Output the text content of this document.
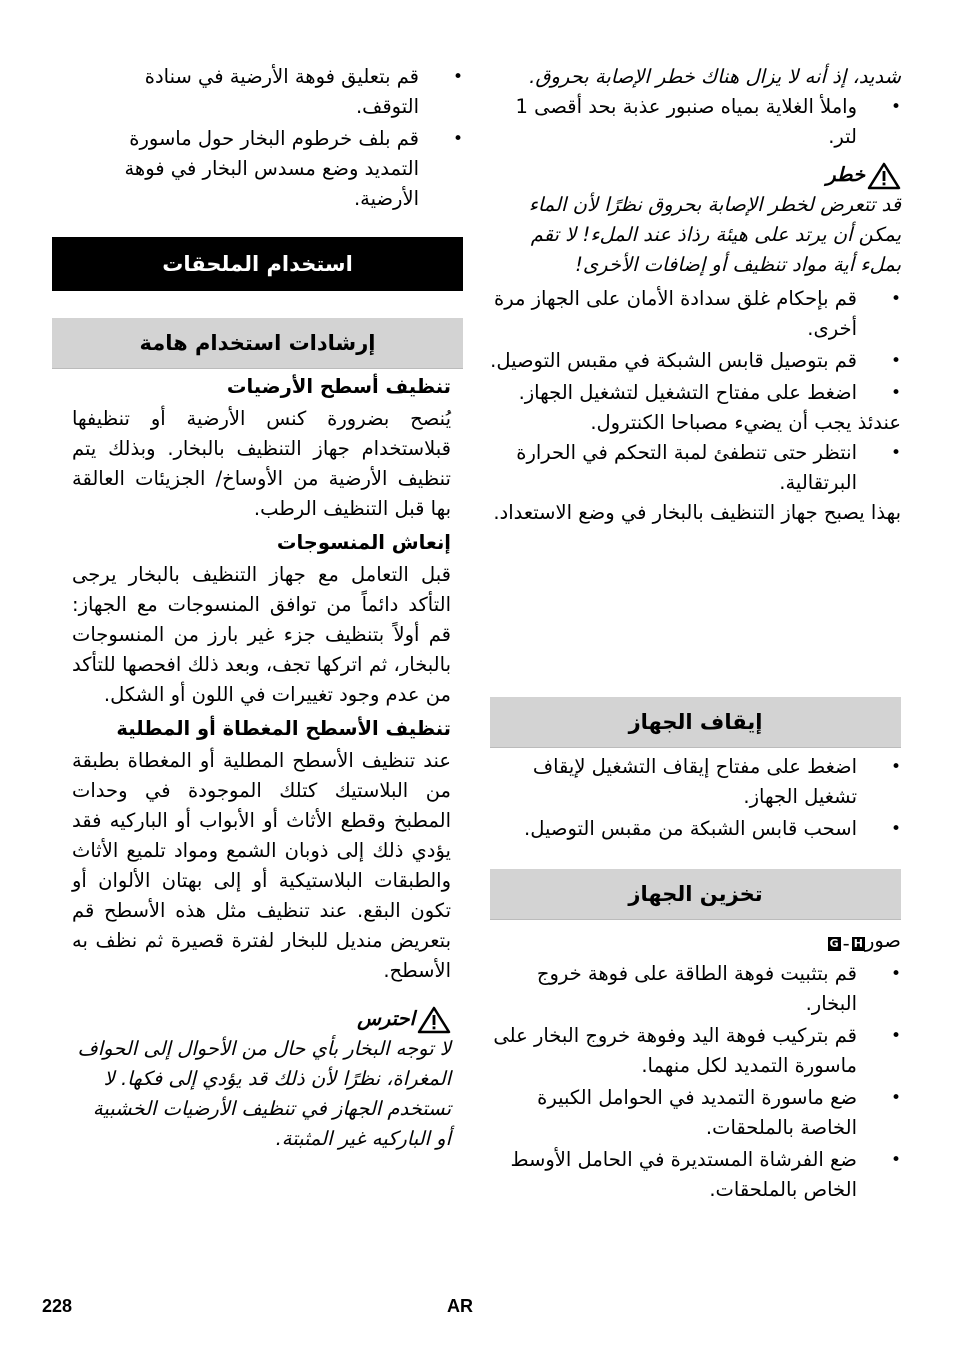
شديد، إذ أنه لا يزال هناك خطر الإصابة بحروق.

• واملأ الغلاية بمياه صنبور عذبة بحد أقصى 1 لتر.
خطر

قد تتعرض لخطر الإصابة بحروق نظرًا لأن الماء يمكن أن يرتد على هيئة رذاذ عند الملء! لا تقم بملء أية مواد تنظيف أو إضافات الأخرى!

• قم بإحكام غلق سدادة الأمان على الجهاز مرة أخرى.
• قم بتوصيل قابس الشبكة في مقبس التوصيل.
• اضغط على مفتاح التشغيل لتشغيل الجهاز.

عندئذ يجب أن يضيء مصباحا الكنترول.

• انتظر حتى تنطفئ لمبة التحكم في الحرارة البرتقالية.

بهذا يصبح جهاز التنظيف بالبخار في وضع الاستعداد.

إيقاف الجهاز
• اضغط على مفتاح إيقاف التشغيل لإيقاف تشغيل الجهاز.
• اسحب قابس الشبكة من مقبس التوصيل.
تخزين الجهاز

صور
G - H

• قم بتثبيت فوهة الطاقة على فوهة خروج البخار.
• قم بتركيب فوهة اليد وفوهة خروج البخار على ماسورة التمديد لكل منهما.
• ضع ماسورة التمديد في الحوامل الكبيرة الخاصة بالملحقات.
• ضع الفرشاة المستديرة في الحامل الأوسط الخاص بالملحقات.
• قم بتعليق فوهة الأرضية في سنادة التوقف.
• قم بلف خرطوم البخار حول ماسورة التمديد وضع مسدس البخار في فوهة الأرضية.
استخدام الملحقات
إرشادات استخدام هامة

تنظيف أسطح الأرضيات

يُنصح بضرورة كنس الأرضية أو تنظيفها قبلاستخدام جهاز التنظيف بالبخار. وبذلك يتم تنظيف الأرضية من الأوساخ/ الجزيئات العالقة بها قبل التنظيف الرطب.

إنعاش المنسوجات

قبل التعامل مع جهاز التنظيف بالبخار يرجى التأكد دائماً من توافق المنسوجات مع الجهاز: قم أولاً بتنظيف جزء غير بارز من المنسوجات بالبخار، ثم اتركها تجف، وبعد ذلك افحصها للتأكد من عدم وجود تغييرات في اللون أو الشكل.

تنظيف الأسطح المغطاة أو المطلية

عند تنظيف الأسطح المطلية أو المغطاة بطبقة من البلاستيك كتلك الموجودة في وحدات المطبخ وقطع الأثاث أو الأبواب أو الباركيه فقد يؤدي ذلك إلى ذوبان الشمع ومواد تلميع الأثاث والطبقات البلاستيكية أو إلى بهتان الألوان أو تكون البقع. عند تنظيف مثل هذه الأسطح قم بتعريض منديل للبخار لفترة قصيرة ثم نظف به الأسطح.

احترس

لا توجه البخار بأي حال من الأحوال إلى الحواف المغراة، نظرًا لأن ذلك قد يؤدي إلى فكها. لا تستخدم الجهاز في تنظيف الأرضيات الخشبية أو الباركيه غير المثبتة.

228	AR
